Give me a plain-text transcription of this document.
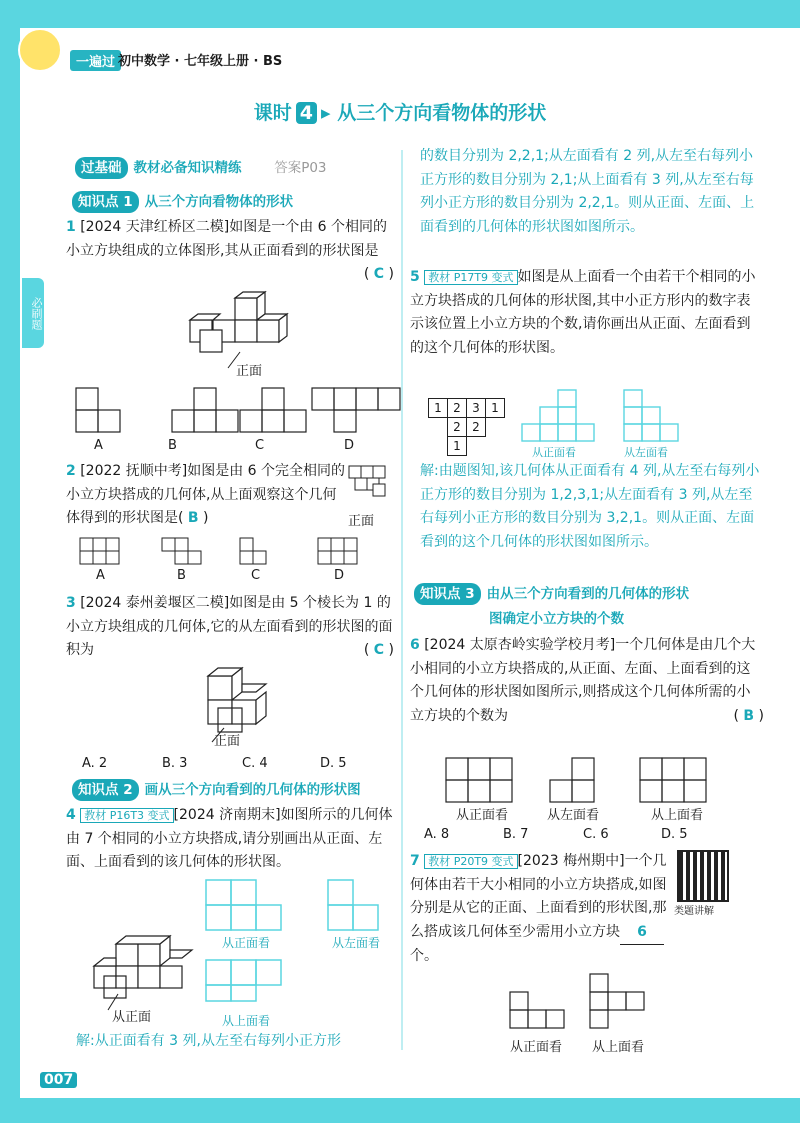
一遍过 初中数学 · 七年级上册 · BS
课时 4 ▸ 从三个方向看物体的形状
必刷题
过基础 教材必备知识精练 答案P03
知识点 1 从三个方向看物体的形状

1 [2024 天津红桥区二模]如图是一个由 6 个相同的小立方块组成的立体图形,其从正面看到的形状图是
( C )

正面
A	B	C	D

2 [2022 抚顺中考]如图是由 6 个完全相同的小立方块搭成的几何体,从上面观察这个几何体得到的形状图是( B )	正面
A	B	C	D

3 [2024 泰州姜堰区二模]如图是由 5 个棱长为 1 的小立方块组成的几何体,它的从左面看到的形状图的面积为	( C )

正面
A. 2	B. 3	C. 4	D. 5
知识点 2 画从三个方向看到的几何体的形状图

4 教材 P16T3 变式 [2024 济南期末]如图所示的几何体由 7 个相同的小立方块搭成,请分别画出从正面、左面、上面看到的该几何体的形状图。

从正面看	从左面看
从上面看
从正面

解:从正面看有 3 列,从左至右每列小正方形

的数目分别为 2,2,1;从左面看有 2 列,从左至右每列小正方形的数目分别为 2,1;从上面看有 3 列,从左至右每列小正方形的数目分别为 2,2,1。则从正面、左面、上面看到的几何体的形状图如图所示。

5 教材 P17T9 变式 如图是从上面看一个由若干个相同的小立方块搭成的几何体的形状图,其中小正方形内的数字表示该位置上小立方块的个数,请你画出从正面、左面看到的这个几何体的形状图。

1	2	3	1
	2	2	
	1			从正面看	从左面看

解:由题图知,该几何体从正面看有 4 列,从左至右每列小正方形的数目分别为 1,2,3,1;从左面看有 3 列,从左至右每列小正方形的数目分别为 3,2,1。则从正面、左面看到的这个几何体的形状图如图所示。

知识点 3 由从三个方向看到的几何体的形状
图确定小立方块的个数

6 [2024 太原杏岭实验学校月考]一个几何体是由几个大小相同的小立方块搭成的,从正面、左面、上面看到的这个几何体的形状图如图所示,则搭成这个几何体所需的小立方块的个数为	( B )

从正面看	从左面看	从上面看
A. 8	B. 7	C. 6	D. 5

7 教材 P20T9 变式 [2023 梅州期中]一个几何体由若干大小相同的小立方块搭成,如图分别是从它的正面、上面看到的形状图,那么搭成该几何体至少需用小立方块 6个。

类题讲解
从正面看 从上面看
007
